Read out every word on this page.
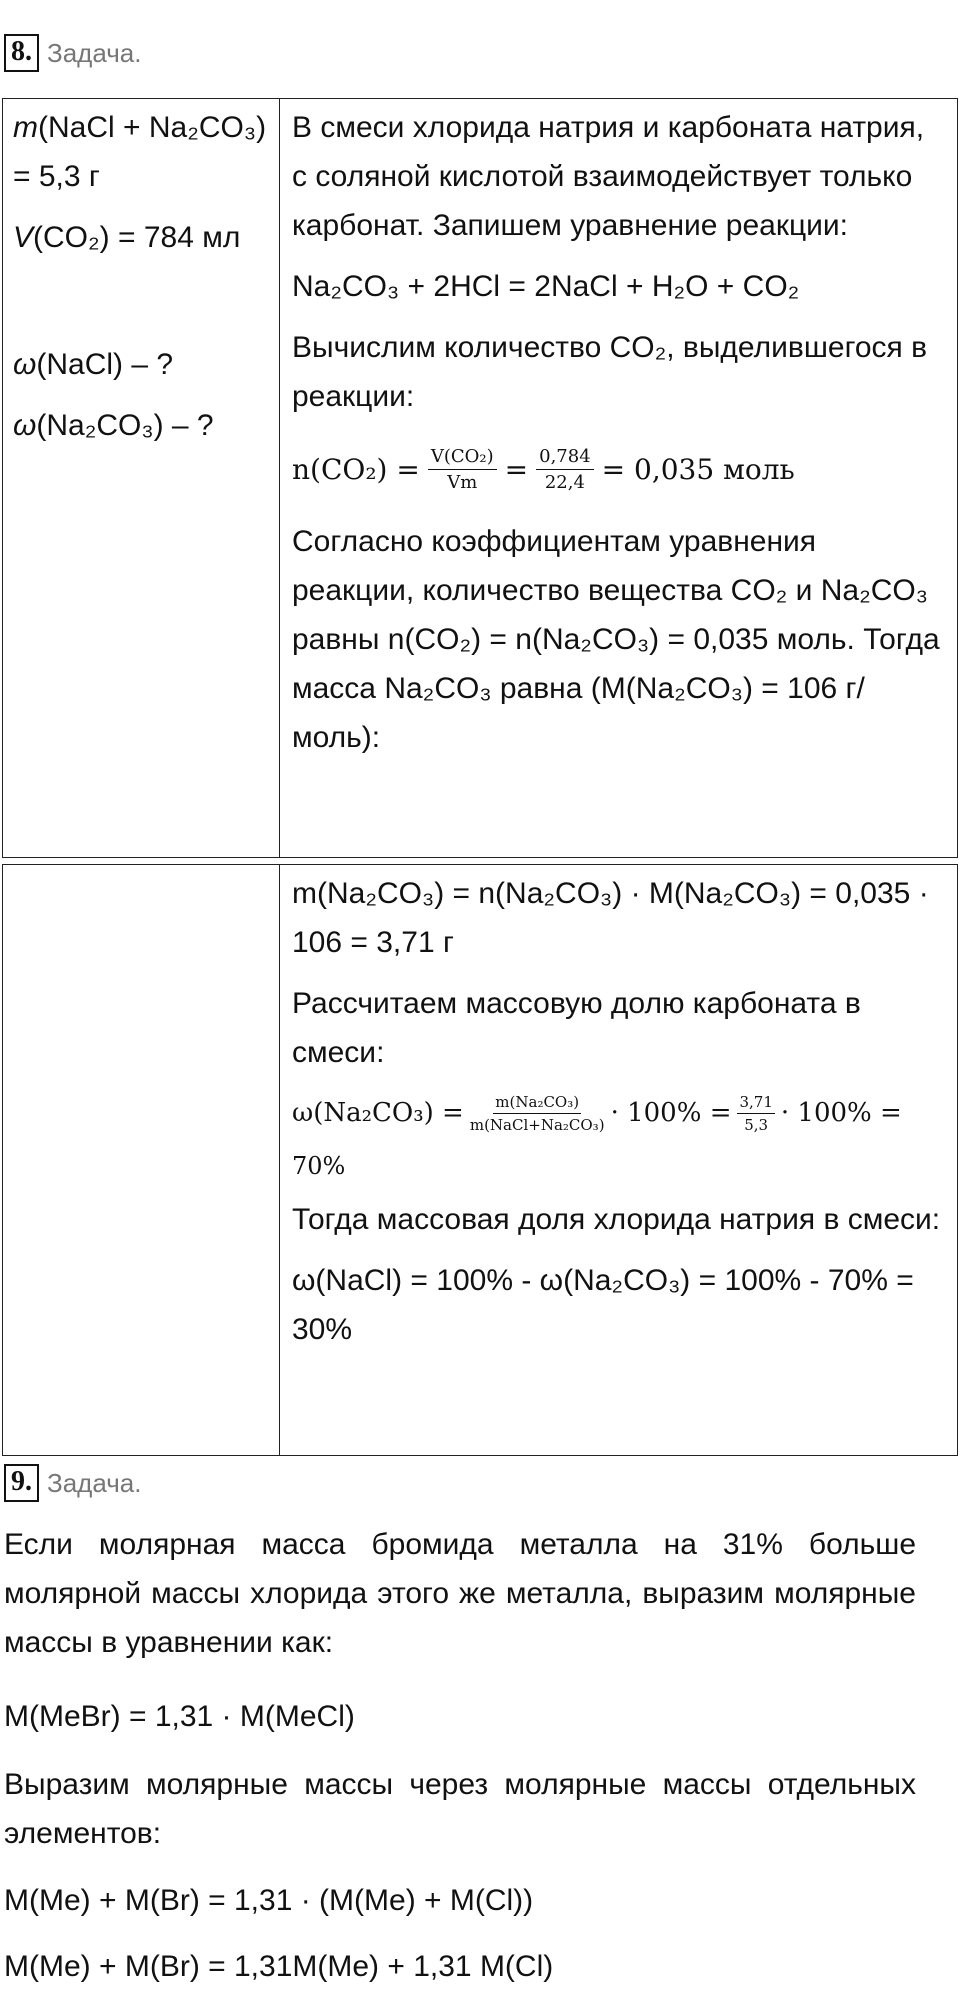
8. Задача.
m(NaCl + Na₂CO₃)
= 5,3 г
V(CO₂) = 784 мл
ω(NaCl) – ?
ω(Na₂CO₃) – ?

В смеси хлорида натрия и карбоната натрия, с соляной кислотой взаимодействует только карбонат. Запишем уравнение реакции:

Na₂CO₃ + 2HCl = 2NaCl + H₂O + CO₂

Вычислим количество CO₂, выделившегося в реакции:

$n(CO_2) = \frac{\text{V(CO₂)}}{Vm} = \frac{0,784}{22,4} = 0,035$ моль

Согласно коэффициентам уравнения реакции, количество вещества CO₂ и Na₂CO₃ равны n(CO₂) = n(Na₂CO₃) = 0,035 моль. Тогда масса Na₂CO₃ равна (M(Na₂CO₃) = 106 г/моль):

m(Na₂CO₃) = n(Na₂CO₃) · M(Na₂CO₃) = 0,035 · 106 = 3,71 г

Рассчитаем массовую долю карбоната в смеси:

$\omega(Na_2CO_3) = \frac{\text{m(Na₂CO₃)}}{\text{m(NaCl+Na₂CO₃)}} \cdot 100\% = \frac{3,71}{5,3} \cdot 100\%$ =
70%

Тогда массовая доля хлорида натрия в смеси:

ω(NaCl) = 100% - ω(Na₂CO₃) = 100% - 70% = 30%

9. Задача.
Если молярная масса бромида металла на 31% больше молярной массы хлорида этого же металла, выразим молярные массы в уравнении как:
M(MeBr) = 1,31 · M(MeCl)
Выразим молярные массы через молярные массы отдельных элементов:
M(Me) + M(Br) = 1,31 · (M(Me) + M(Cl))
M(Me) + M(Br) = 1,31M(Me) + 1,31 M(Cl)
